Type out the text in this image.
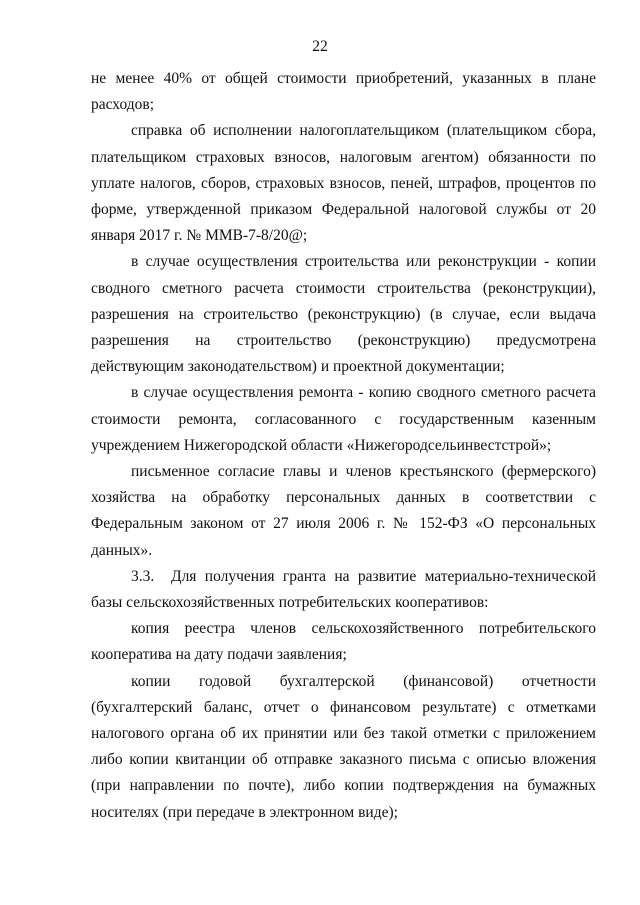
22

не менее 40% от общей стоимости приобретений, указанных в плане расходов;

справка об исполнении налогоплательщиком (плательщиком сбора, плательщиком страховых взносов, налоговым агентом) обязанности по уплате налогов, сборов, страховых взносов, пеней, штрафов, процентов по форме, утвержденной приказом Федеральной налоговой службы от 20 января 2017 г. № ММВ-7-8/20@;

в случае осуществления строительства или реконструкции - копии сводного сметного расчета стоимости строительства (реконструкции), разрешения на строительство (реконструкцию) (в случае, если выдача разрешения на строительство (реконструкцию) предусмотрена действующим законодательством) и проектной документации;

в случае осуществления ремонта - копию сводного сметного расчета стоимости ремонта, согласованного с государственным казенным учреждением Нижегородской области «Нижегородсельинвестстрой»;

письменное согласие главы и членов крестьянского (фермерского) хозяйства на обработку персональных данных в соответствии с Федеральным законом от 27 июля 2006 г. № 152-ФЗ «О персональных данных».

3.3. Для получения гранта на развитие материально-технической базы сельскохозяйственных потребительских кооперативов:

копия реестра членов сельскохозяйственного потребительского кооператива на дату подачи заявления;

копии годовой бухгалтерской (финансовой) отчетности (бухгалтерский баланс, отчет о финансовом результате) с отметками налогового органа об их принятии или без такой отметки с приложением либо копии квитанции об отправке заказного письма с описью вложения (при направлении по почте), либо копии подтверждения на бумажных носителях (при передаче в электронном виде);
